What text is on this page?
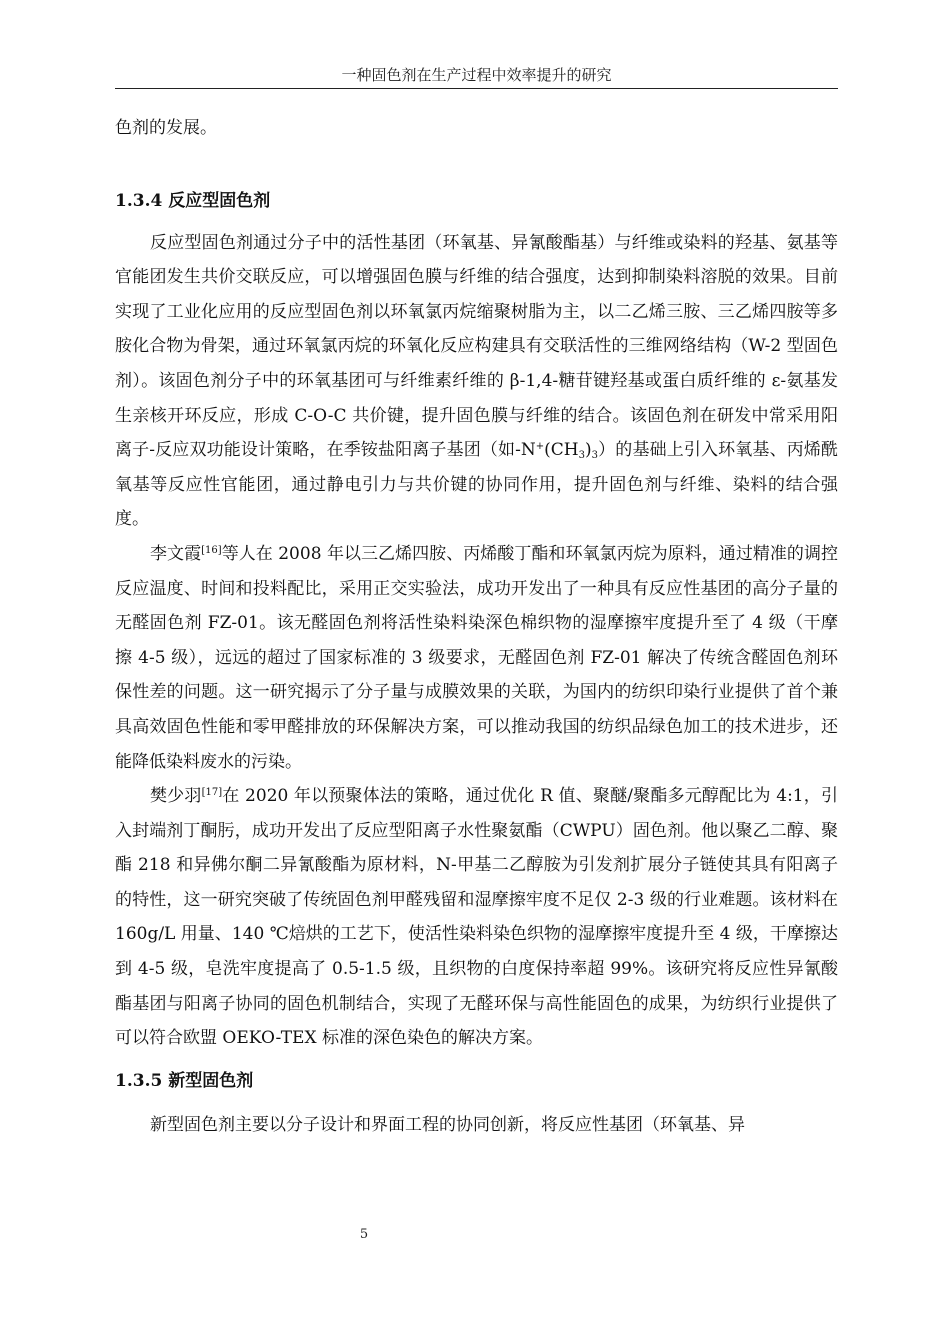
一种固色剂在生产过程中效率提升的研究

色剂的发展。

1.3.4 反应型固色剂

反应型固色剂通过分子中的活性基团（环氧基、异氰酸酯基）与纤维或染料的羟基、氨基等官能团发生共价交联反应，可以增强固色膜与纤维的结合强度，达到抑制染料溶脱的效果。目前实现了工业化应用的反应型固色剂以环氧氯丙烷缩聚树脂为主，以二乙烯三胺、三乙烯四胺等多胺化合物为骨架，通过环氧氯丙烷的环氧化反应构建具有交联活性的三维网络结构（W-2 型固色剂）。该固色剂分子中的环氧基团可与纤维素纤维的 β-1,4-糖苷键羟基或蛋白质纤维的 ε-氨基发生亲核开环反应，形成 C-O-C 共价键，提升固色膜与纤维的结合。该固色剂在研发中常采用阳离子-反应双功能设计策略，在季铵盐阳离子基团（如$-N^+(CH_3)_3$）的基础上引入环氧基、丙烯酰氧基等反应性官能团，通过静电引力与共价键的协同作用，提升固色剂与纤维、染料的结合强度。

李文霞[16]等人在 2008 年以三乙烯四胺、丙烯酸丁酯和环氧氯丙烷为原料，通过精准的调控反应温度、时间和投料配比，采用正交实验法，成功开发出了一种具有反应性基团的高分子量的无醛固色剂 FZ-01。该无醛固色剂将活性染料染深色棉织物的湿摩擦牢度提升至了 4 级（干摩擦 4-5 级），远远的超过了国家标准的 3 级要求，无醛固色剂 FZ-01 解决了传统含醛固色剂环保性差的问题。这一研究揭示了分子量与成膜效果的关联，为国内的纺织印染行业提供了首个兼具高效固色性能和零甲醛排放的环保解决方案，可以推动我国的纺织品绿色加工的技术进步，还能降低染料废水的污染。

樊少羽[17]在 2020 年以预聚体法的策略，通过优化 R 值、聚醚/聚酯多元醇配比为 4:1，引入封端剂丁酮肟，成功开发出了反应型阳离子水性聚氨酯（CWPU）固色剂。他以聚乙二醇、聚酯 218 和异佛尔酮二异氰酸酯为原材料，N-甲基二乙醇胺为引发剂扩展分子链使其具有阳离子的特性，这一研究突破了传统固色剂甲醛残留和湿摩擦牢度不足仅 2-3 级的行业难题。该材料在 160g/L 用量、140 ℃焙烘的工艺下，使活性染料染色织物的湿摩擦牢度提升至 4 级，干摩擦达到 4-5 级，皂洗牢度提高了 0.5-1.5 级，且织物的白度保持率超 99%。该研究将反应性异氰酸酯基团与阳离子协同的固色机制结合，实现了无醛环保与高性能固色的成果，为纺织行业提供了可以符合欧盟 OEKO-TEX 标准的深色染色的解决方案。

1.3.5 新型固色剂

新型固色剂主要以分子设计和界面工程的协同创新，将反应性基团（环氧基、异

5
